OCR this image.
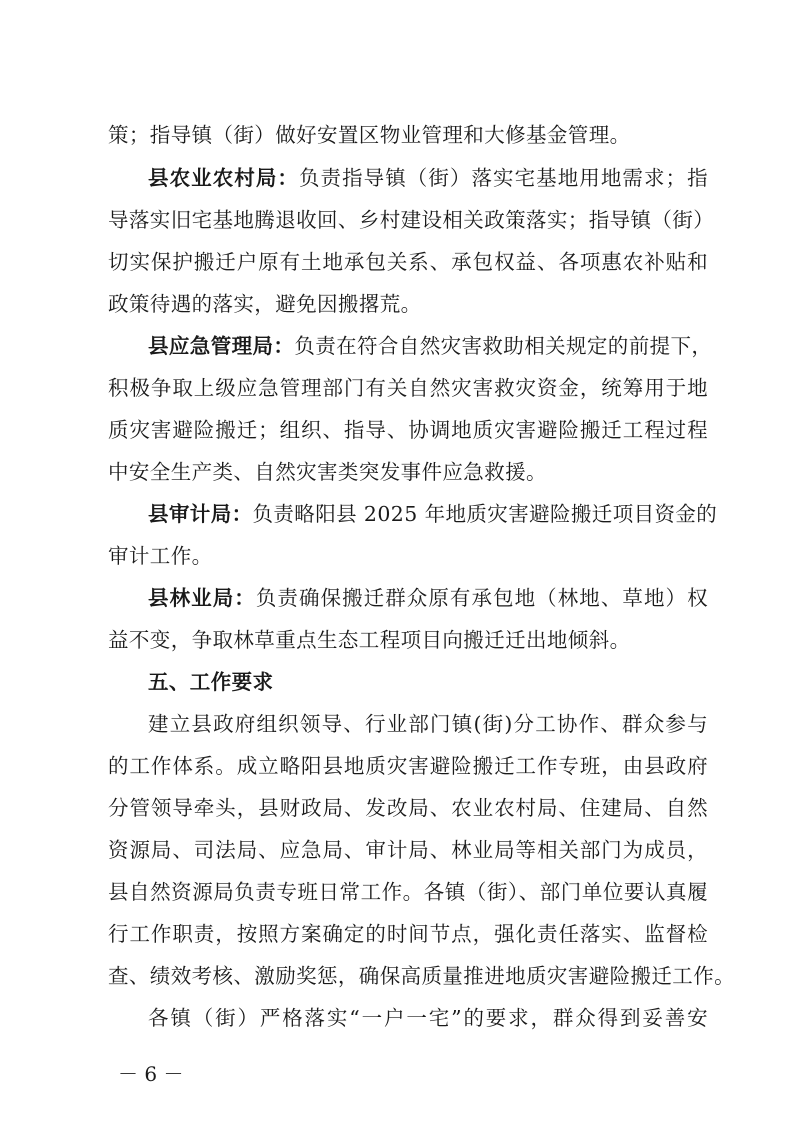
策；指导镇（街）做好安置区物业管理和大修基金管理。
县农业农村局：负责指导镇（街）落实宅基地用地需求；指
导落实旧宅基地腾退收回、乡村建设相关政策落实；指导镇（街）
切实保护搬迁户原有土地承包关系、承包权益、各项惠农补贴和
政策待遇的落实，避免因搬撂荒。
县应急管理局：负责在符合自然灾害救助相关规定的前提下，
积极争取上级应急管理部门有关自然灾害救灾资金，统筹用于地
质灾害避险搬迁；组织、指导、协调地质灾害避险搬迁工程过程
中安全生产类、自然灾害类突发事件应急救援。
县审计局：负责略阳县 2025 年地质灾害避险搬迁项目资金的
审计工作。
县林业局：负责确保搬迁群众原有承包地（林地、草地）权
益不变，争取林草重点生态工程项目向搬迁迁出地倾斜。
五、工作要求
建立县政府组织领导、行业部门镇(街)分工协作、群众参与
的工作体系。成立略阳县地质灾害避险搬迁工作专班，由县政府
分管领导牵头，县财政局、发改局、农业农村局、住建局、自然
资源局、司法局、应急局、审计局、林业局等相关部门为成员，
县自然资源局负责专班日常工作。各镇（街）、部门单位要认真履
行工作职责，按照方案确定的时间节点，强化责任落实、监督检
查、绩效考核、激励奖惩，确保高质量推进地质灾害避险搬迁工作。
各镇（街）严格落实“一户一宅”的要求，群众得到妥善安
－ 6 －
